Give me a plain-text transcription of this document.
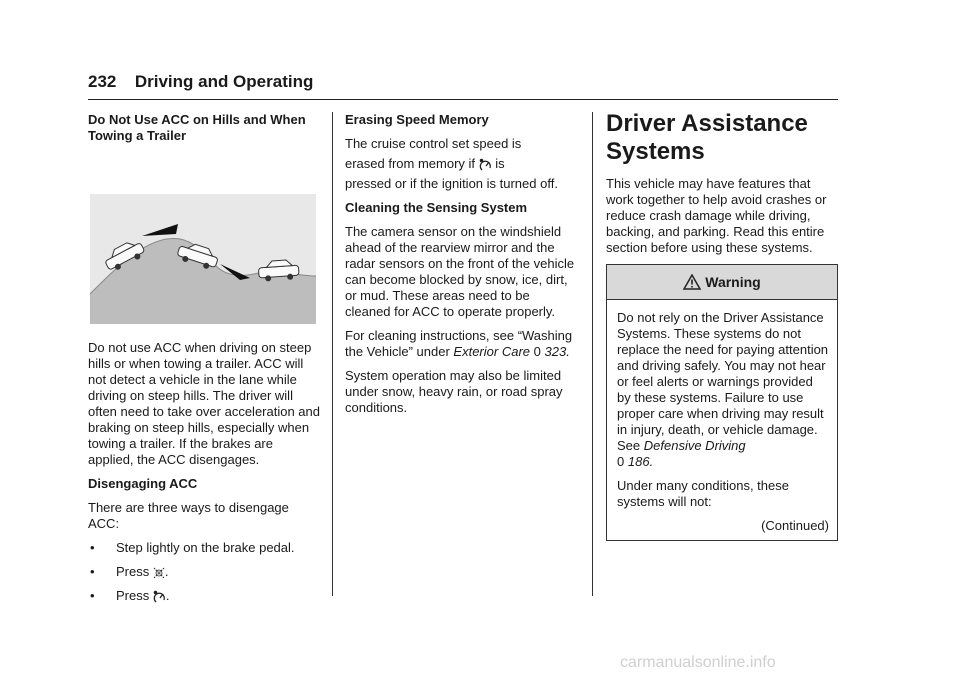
232 Driving and Operating
Do Not Use ACC on Hills and When Towing a Trailer

Do not use ACC when driving on steep hills or when towing a trailer. ACC will not detect a vehicle in the lane while driving on steep hills. The driver will often need to take over acceleration and braking on steep hills, especially when towing a trailer. If the brakes are applied, the ACC disengages.

Disengaging ACC

There are three ways to disengage ACC:

•	Step lightly on the brake pedal.
•	Press .
•	Press .
Erasing Speed Memory

The cruise control set speed is

erased from memory if is

pressed or if the ignition is turned off.

Cleaning the Sensing System

The camera sensor on the windshield ahead of the rearview mirror and the radar sensors on the front of the vehicle can become blocked by snow, ice, dirt, or mud. These areas need to be cleaned for ACC to operate properly.

For cleaning instructions, see “Washing the Vehicle” under Exterior Care 0 323.

System operation may also be limited under snow, heavy rain, or road spray conditions.

Driver Assistance Systems

This vehicle may have features that work together to help avoid crashes or reduce crash damage while driving, backing, and parking. Read this entire section before using these systems.

Warning

Do not rely on the Driver Assistance Systems. These systems do not replace the need for paying attention and driving safely. You may not hear or feel alerts or warnings provided by these systems. Failure to use proper care when driving may result in injury, death, or vehicle damage. See Defensive Driving
0 186.

Under many conditions, these systems will not:

(Continued)

carmanualsonline.info
